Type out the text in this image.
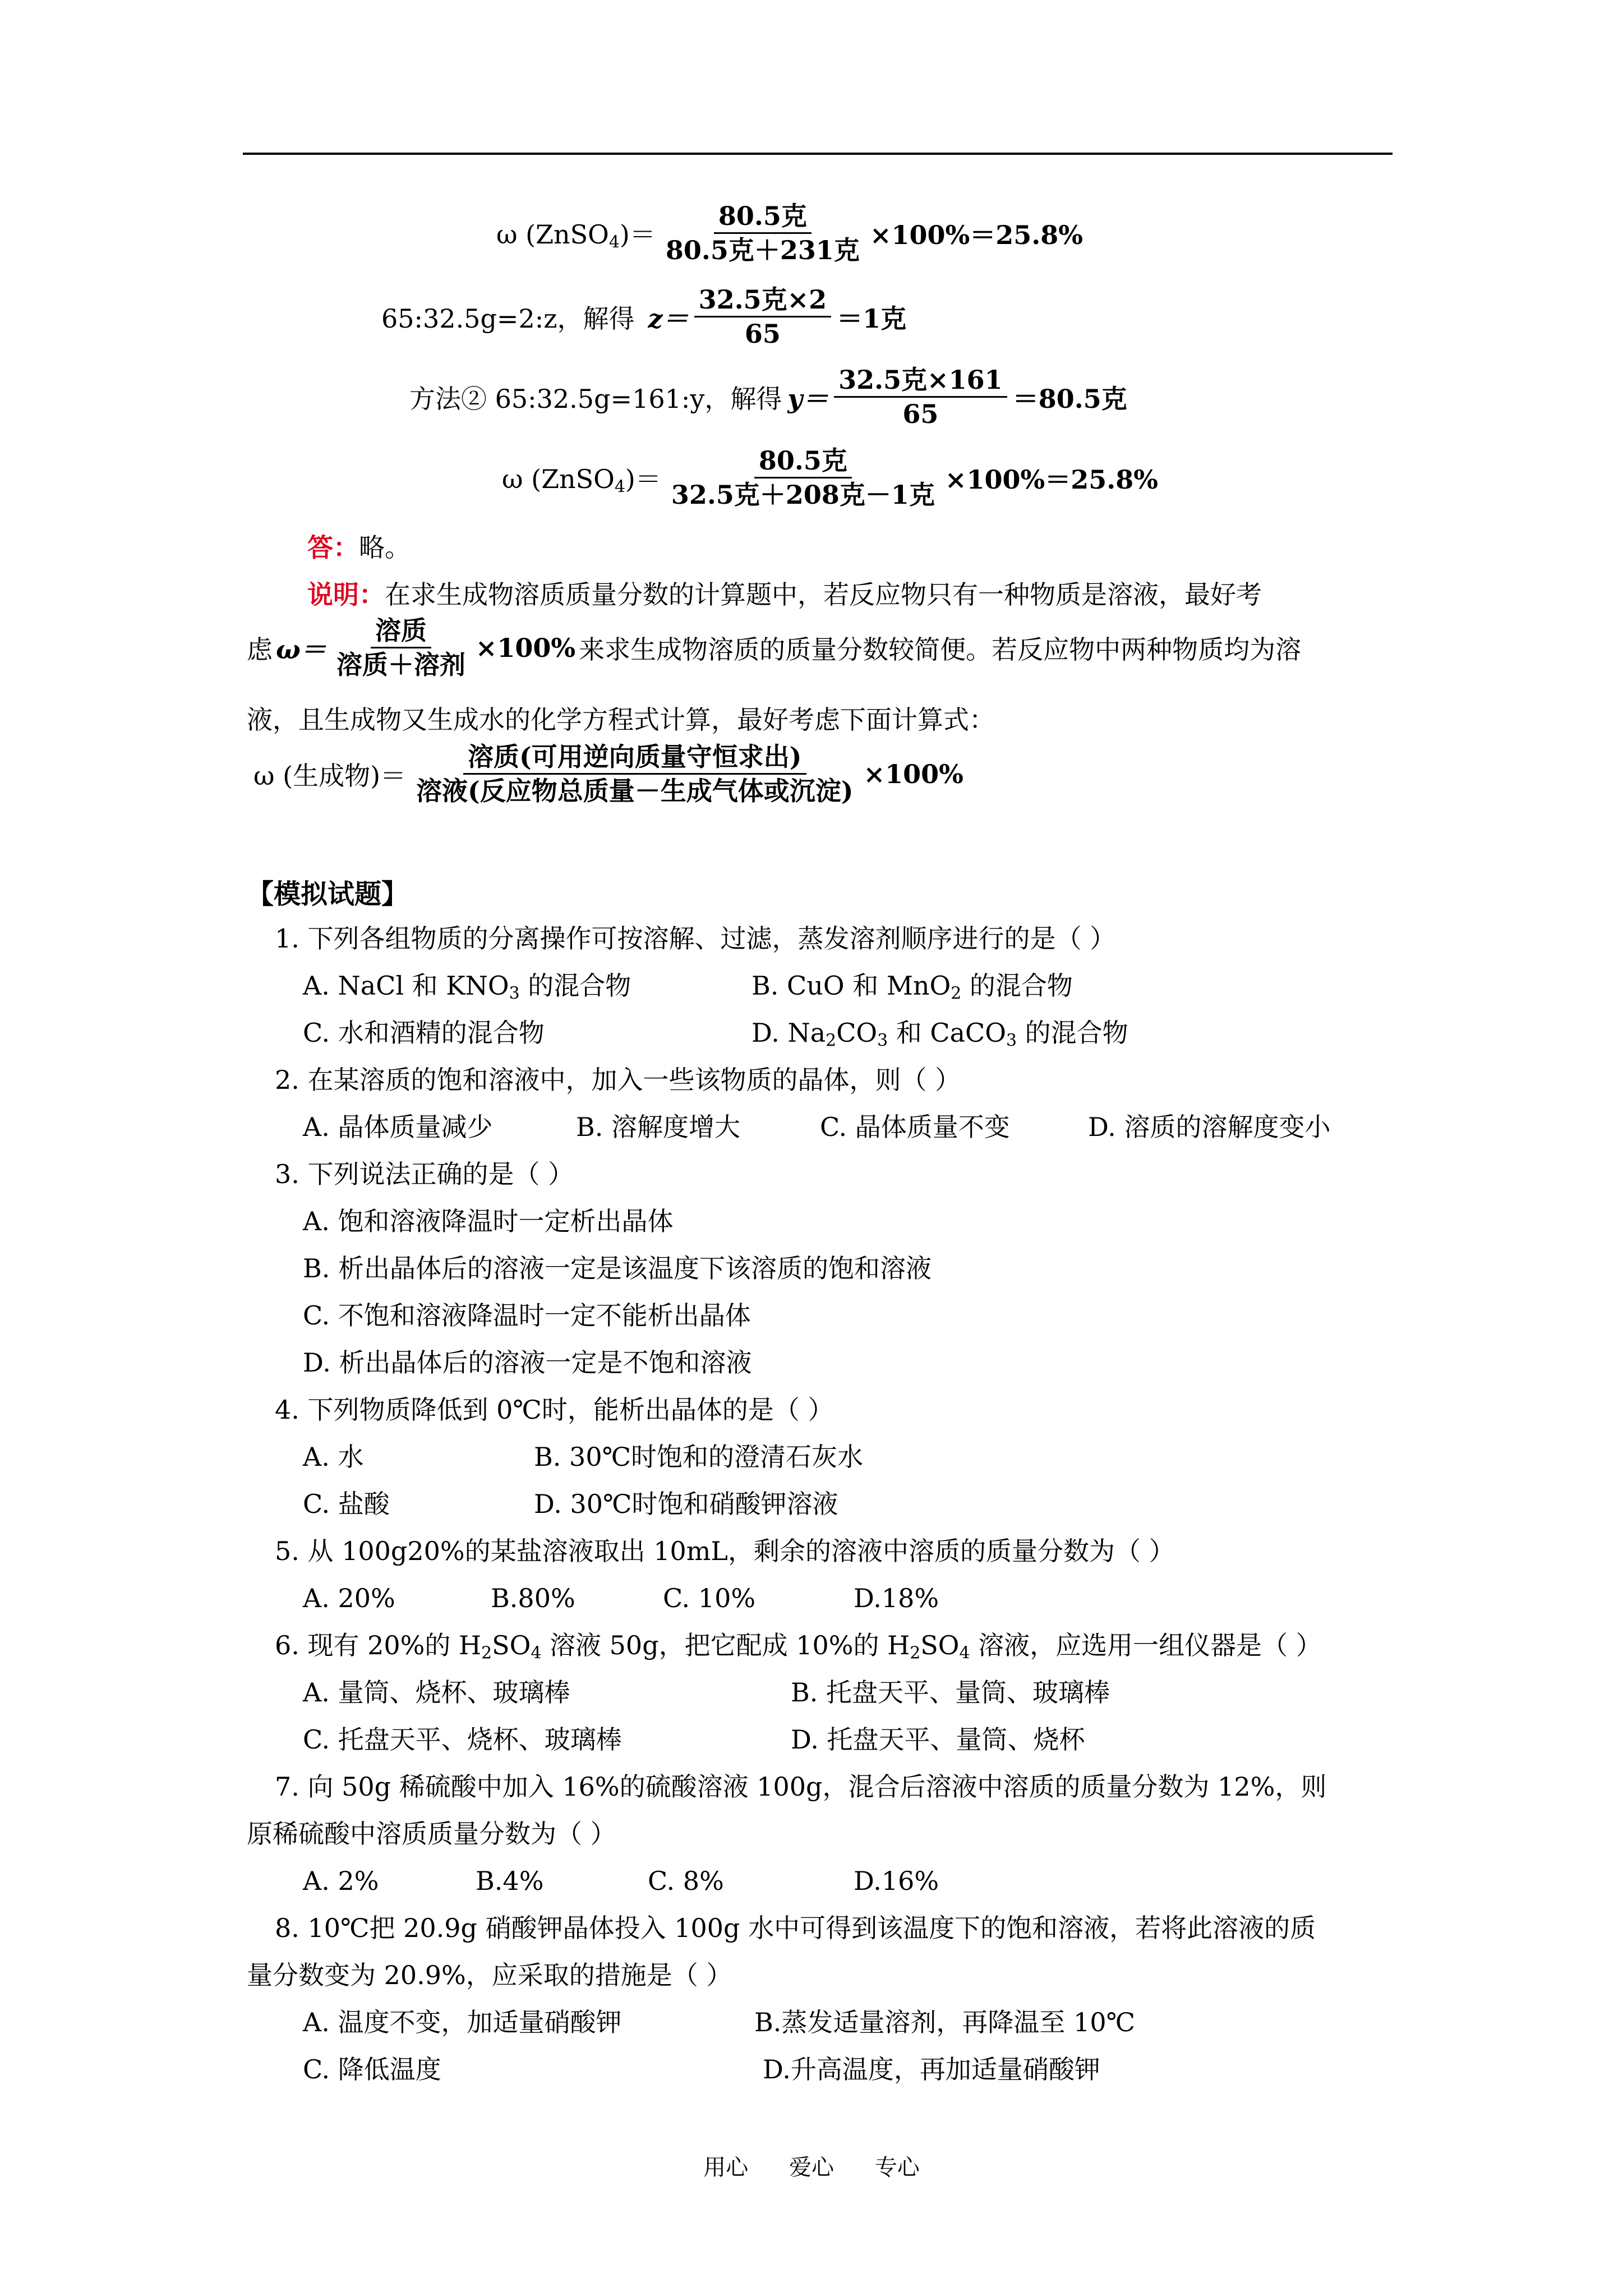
ω (ZnSO$_4$)＝
80.5克
80.5克＋231克
×100%＝25.8%
65:32.5g=2:z，解得 z＝
32.5克×2
65
＝1克
方法② 65:32.5g=161:y，解得 y＝
32.5克×161
65
＝80.5克
ω (ZnSO$_4$)＝
80.5克
32.5克＋208克－1克
×100%＝25.8%
答：略。
说明：在求生成物溶质质量分数的计算题中，若反应物只有一种物质是溶液，最好考
虑 ω＝
溶质
溶质＋溶剂
×100% 来求生成物溶质的质量分数较简便。若反应物中两种物质均为溶
液，且生成物又生成水的化学方程式计算，最好考虑下面计算式：
ω (生成物)＝
溶质(可用逆向质量守恒求出)
溶液(反应物总质量－生成气体或沉淀)
×100%
【模拟试题】
1. 下列各组物质的分离操作可按溶解、过滤，蒸发溶剂顺序进行的是（ ）
A. NaCl 和 $KNO_3$ 的混合物	B. CuO 和 MnO$_2$ 的混合物
C. 水和酒精的混合物	D. $Na_2CO_3$ 和 CaCO$_3$ 的混合物
2. 在某溶质的饱和溶液中，加入一些该物质的晶体，则（ ）
A. 晶体质量减少	B. 溶解度增大	C. 晶体质量不变	D. 溶质的溶解度变小
3. 下列说法正确的是（ ）
A. 饱和溶液降温时一定析出晶体
B. 析出晶体后的溶液一定是该温度下该溶质的饱和溶液
C. 不饱和溶液降温时一定不能析出晶体
D. 析出晶体后的溶液一定是不饱和溶液
4. 下列物质降低到 0℃时，能析出晶体的是（ ）
A. 水	B. 30℃时饱和的澄清石灰水
C. 盐酸	D. 30℃时饱和硝酸钾溶液
5. 从 100g20%的某盐溶液取出 10mL，剩余的溶液中溶质的质量分数为（ ）
A. 20%	B.80%	C. 10%	D.18%
6. 现有 20%的 $H_2SO_4$ 溶液 50g，把它配成 10%的 $H_2SO_4$ 溶液，应选用一组仪器是（ ）
A. 量筒、烧杯、玻璃棒	B. 托盘天平、量筒、玻璃棒
C. 托盘天平、烧杯、玻璃棒	D. 托盘天平、量筒、烧杯
7. 向 50g 稀硫酸中加入 16%的硫酸溶液 100g，混合后溶液中溶质的质量分数为 12%，则
原稀硫酸中溶质质量分数为（ ）
A. 2%	B.4%	C. 8%	D.16%
8. 10℃把 20.9g 硝酸钾晶体投入 100g 水中可得到该温度下的饱和溶液，若将此溶液的质
量分数变为 20.9%，应采取的措施是（ ）
A. 温度不变，加适量硝酸钾	B.蒸发适量溶剂，再降温至 10℃
C. 降低温度	D.升高温度，再加适量硝酸钾
用心 爱心 专心
